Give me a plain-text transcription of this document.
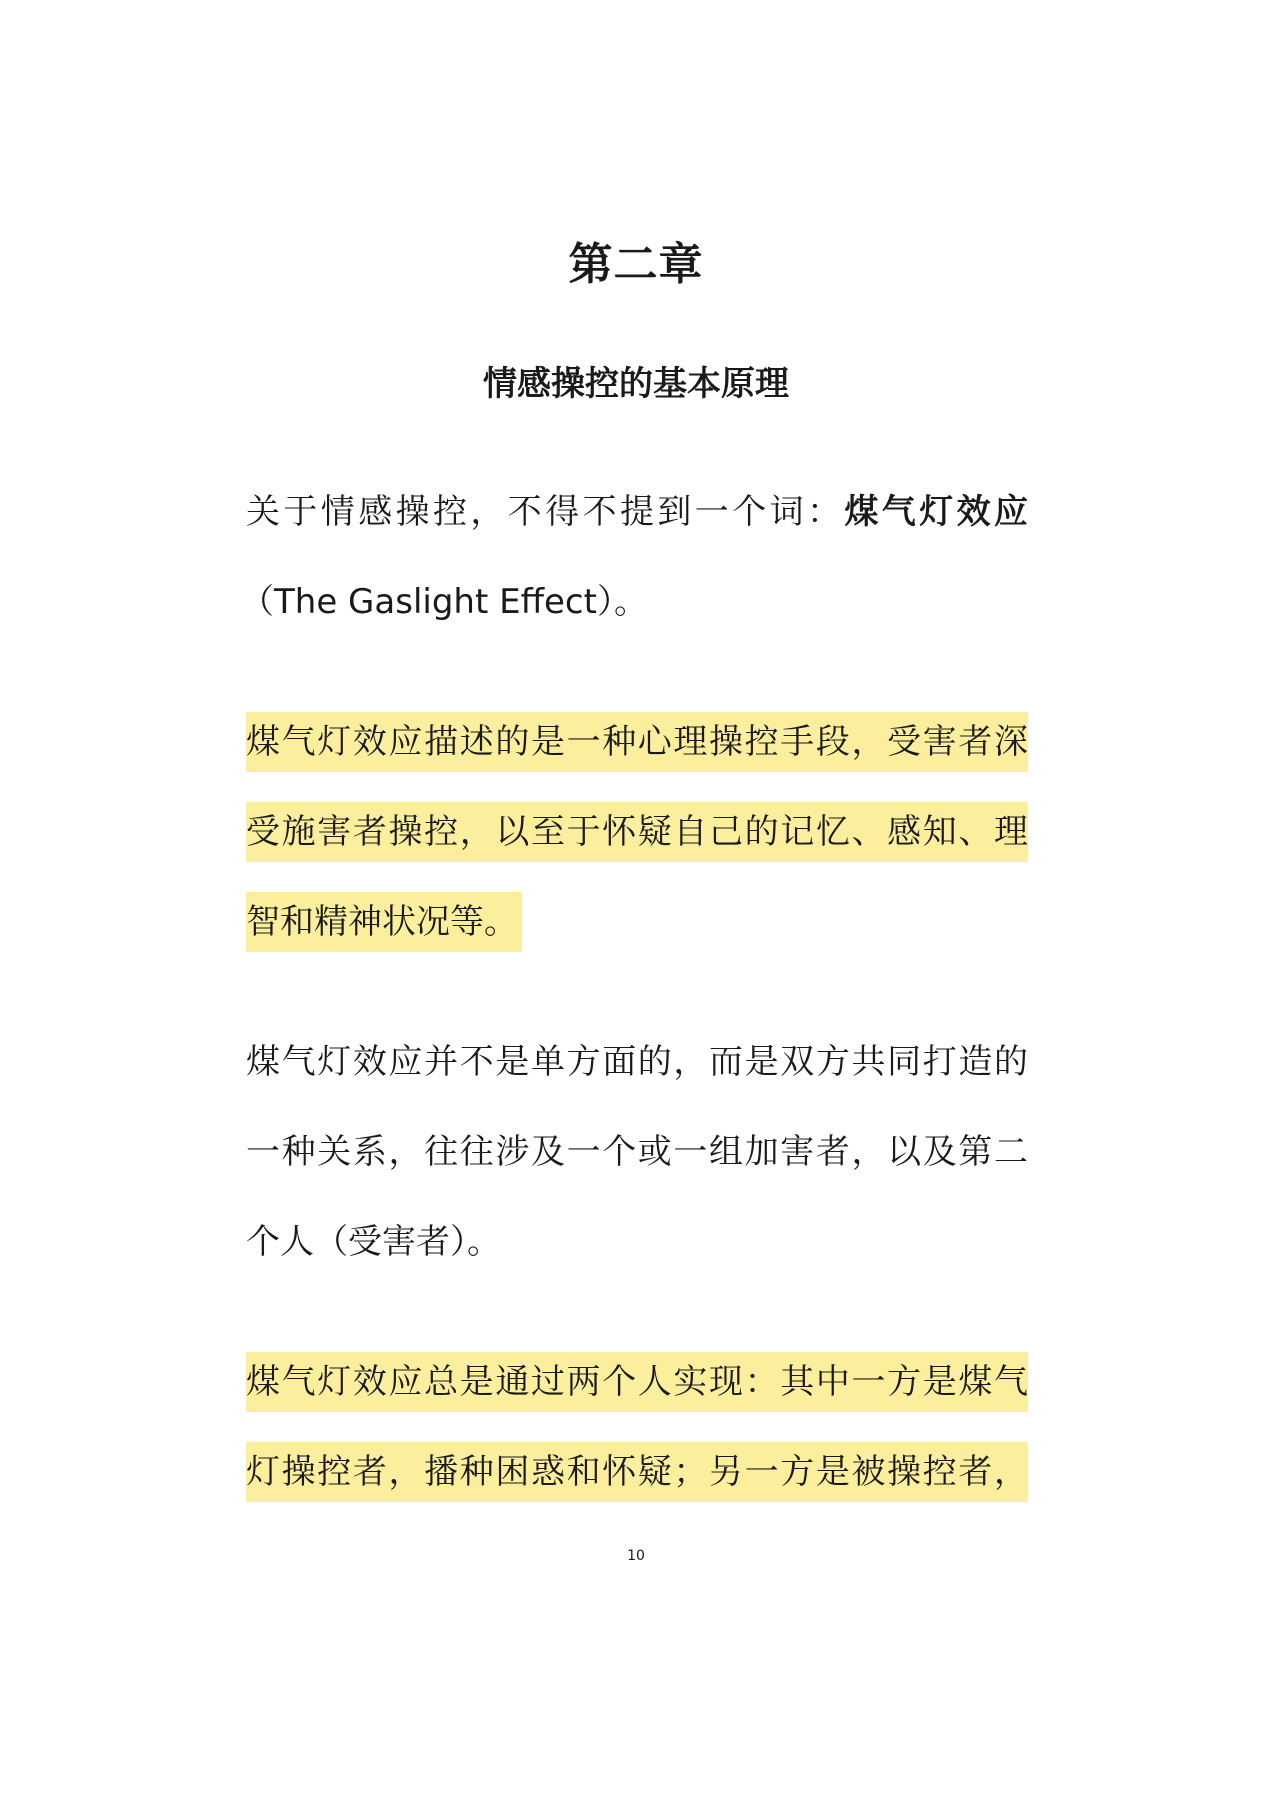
第二章
情感操控的基本原理

关于情感操控，不得不提到一个词：煤气灯效应

（The Gaslight Effect）。

煤气灯效应描述的是一种心理操控手段，受害者深

受施害者操控，以至于怀疑自己的记忆、感知、理

智和精神状况等。

煤气灯效应并不是单方面的，而是双方共同打造的

一种关系，往往涉及一个或一组加害者，以及第二

个人（受害者）。

煤气灯效应总是通过两个人实现：其中一方是煤气

灯操控者，播种困惑和怀疑；另一方是被操控者，

10
